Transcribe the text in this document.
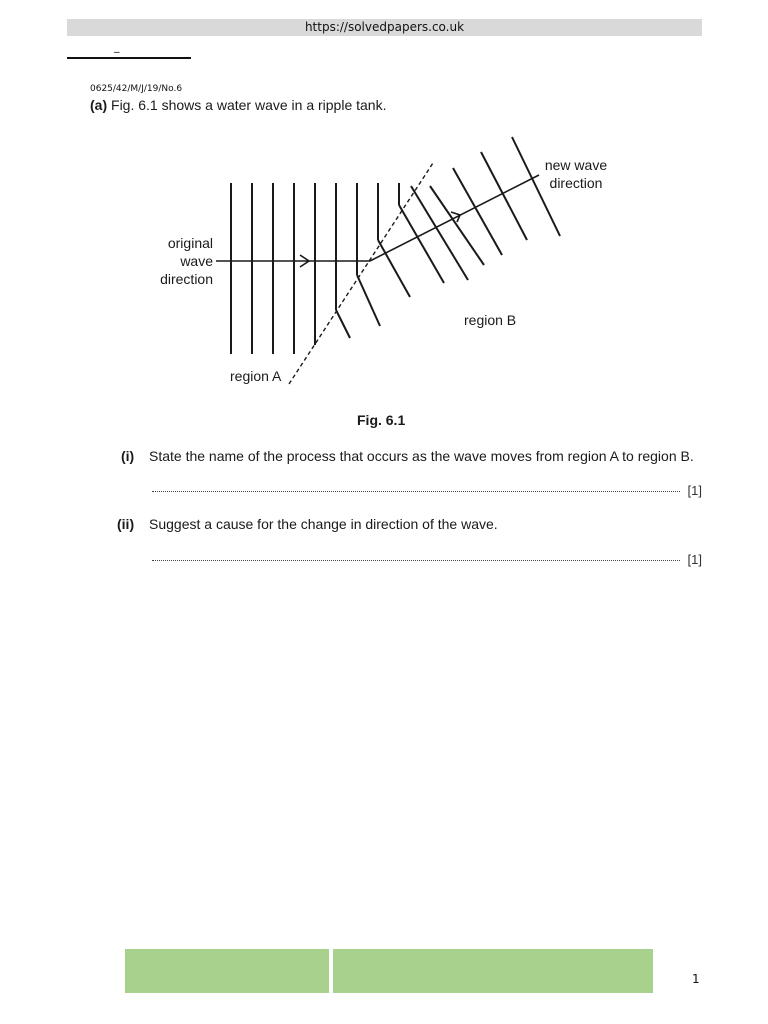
https://solvedpapers.co.uk
_
0625/42/M/J/19/No.6
(a) Fig. 6.1 shows a water wave in a ripple tank.
original
wave
direction
new wave
direction
region A
region B
Fig. 6.1
(i) State the name of the process that occurs as the wave moves from region A to region B.
[1]
(ii) Suggest a cause for the change in direction of the wave.
[1]
1
